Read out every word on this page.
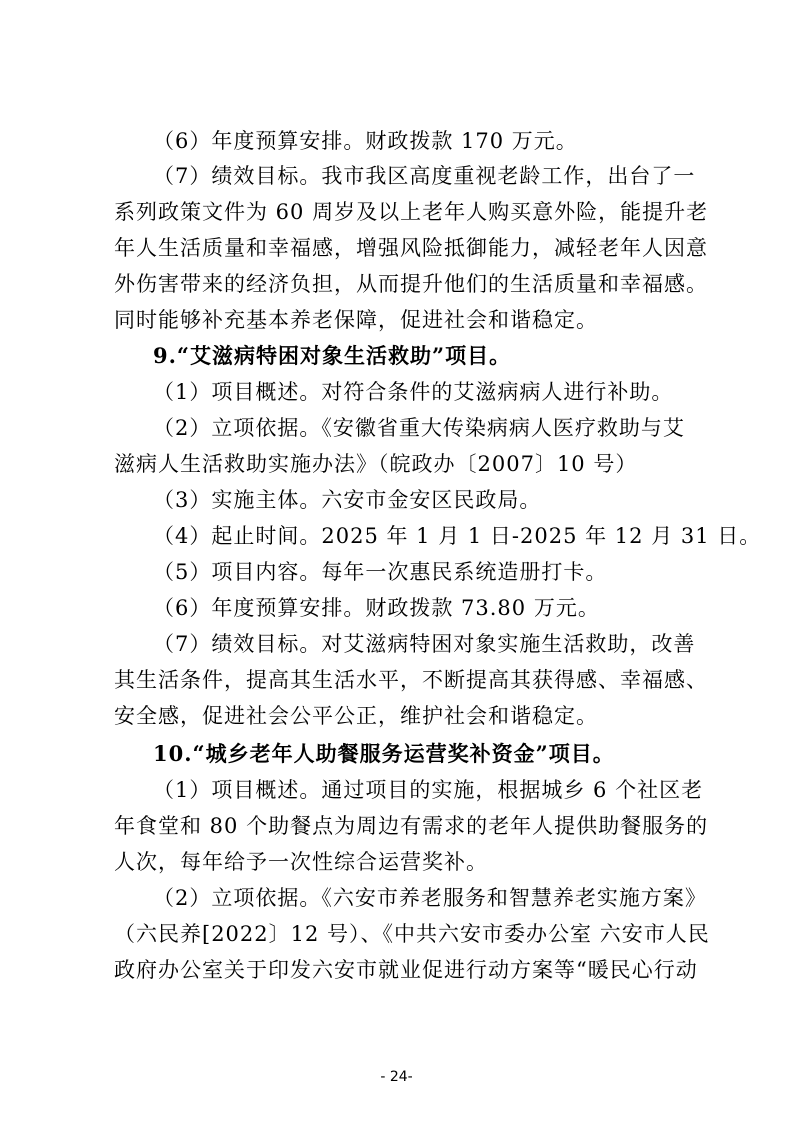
（6）年度预算安排。财政拨款 170 万元。
（7）绩效目标。我市我区高度重视老龄工作，出台了一
系列政策文件为 60 周岁及以上老年人购买意外险，能提升老
年人生活质量和幸福感，增强风险抵御能力，减轻老年人因意
外伤害带来的经济负担，从而提升他们的生活质量和幸福感。
同时能够补充基本养老保障，促进社会和谐稳定。
9.“艾滋病特困对象生活救助”项目。
（1）项目概述。对符合条件的艾滋病病人进行补助。
（2）立项依据。《安徽省重大传染病病人医疗救助与艾
滋病人生活救助实施办法》（皖政办〔2007〕10 号）
（3）实施主体。六安市金安区民政局。
（4）起止时间。2025 年 1 月 1 日-2025 年 12 月 31 日。
（5）项目内容。每年一次惠民系统造册打卡。
（6）年度预算安排。财政拨款 73.80 万元。
（7）绩效目标。对艾滋病特困对象实施生活救助，改善
其生活条件，提高其生活水平，不断提高其获得感、幸福感、
安全感，促进社会公平公正，维护社会和谐稳定。
10.“城乡老年人助餐服务运营奖补资金”项目。
（1）项目概述。通过项目的实施，根据城乡 6 个社区老
年食堂和 80 个助餐点为周边有需求的老年人提供助餐服务的
人次，每年给予一次性综合运营奖补。
（2）立项依据。《六安市养老服务和智慧养老实施方案》
（六民养[2022〕12 号）、《中共六安市委办公室 六安市人民
政府办公室关于印发六安市就业促进行动方案等“暖民心行动
- 24-
